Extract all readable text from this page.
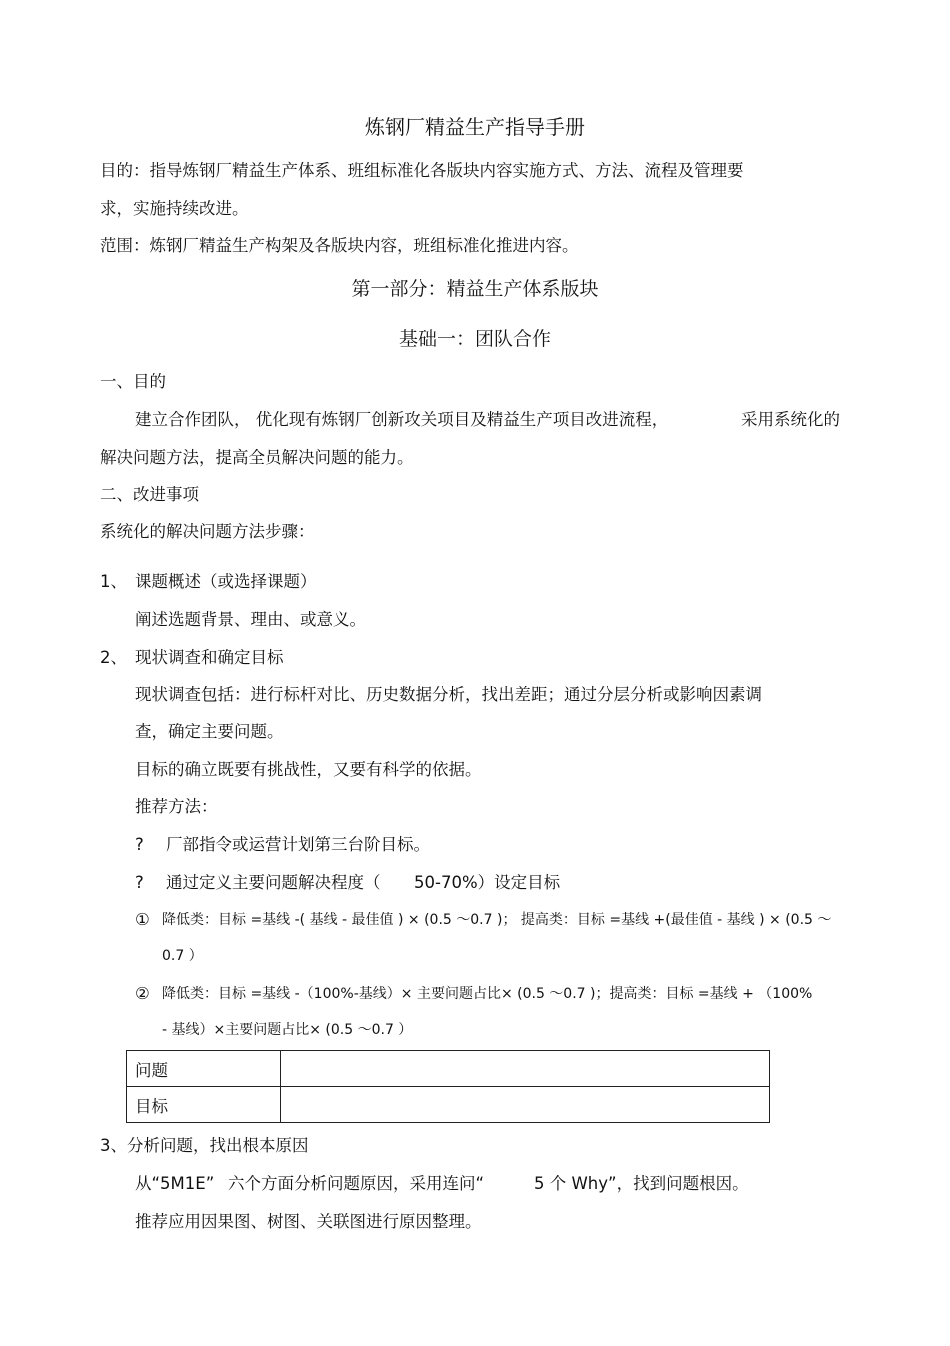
炼钢厂精益生产指导手册
目的：指导炼钢厂精益生产体系、班组标准化各版块内容实施方式、方法、流程及管理要
求，实施持续改进。
范围：炼钢厂精益生产构架及各版块内容，班组标准化推进内容。
第一部分：精益生产体系版块
基础一：团队合作
一、目的
建立合作团队， 优化现有炼钢厂创新攻关项目及精益生产项目改进流程，	采用系统化的
解决问题方法，提高全员解决问题的能力。
二、改进事项
系统化的解决问题方法步骤：
1、 课题概述（或选择课题）
阐述选题背景、理由、或意义。
2、 现状调查和确定目标
现状调查包括：进行标杆对比、历史数据分析，找出差距；通过分层分析或影响因素调
查，确定主要问题。
目标的确立既要有挑战性，又要有科学的依据。
推荐方法：
? 厂部指令或运营计划第三台阶目标。
? 通过定义主要问题解决程度（ 50-70%）设定目标
① 降低类：目标 =基线 -( 基线 - 最佳值 ) × (0.5 ～0.7 )； 提高类：目标 =基线 +(最佳值 - 基线 ) × (0.5 ～
0.7 ）
② 降低类：目标 =基线 -（100%-基线）× 主要问题占比× (0.5 ～0.7 )；提高类：目标 =基线 + （100%
- 基线）×主要问题占比× (0.5 ～0.7 ）
问题	
目标	
3、分析问题，找出根本原因
从“5M1E” 六个方面分析问题原因，采用连问“	5 个 Why”，找到问题根因。
推荐应用因果图、树图、关联图进行原因整理。
